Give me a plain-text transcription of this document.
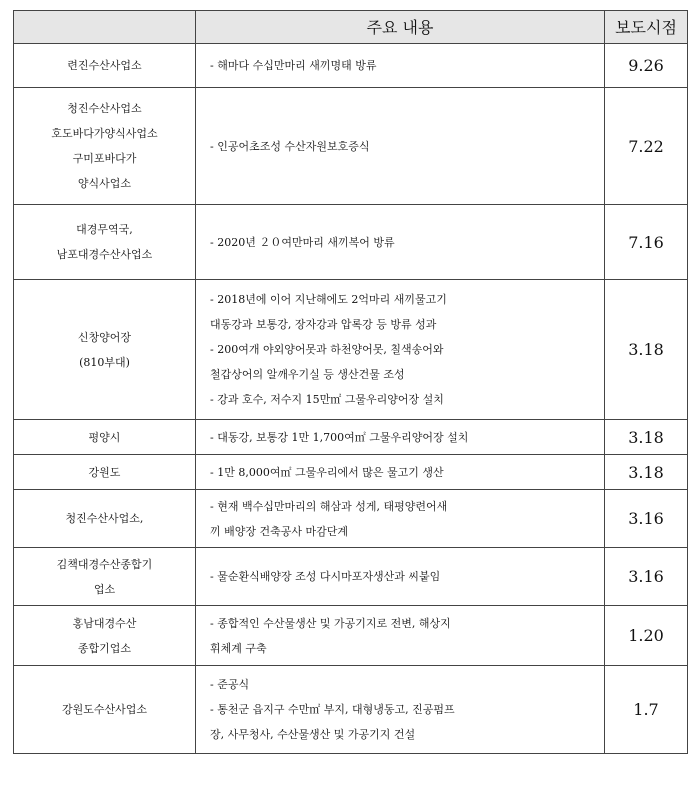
	주요 내용	보도시점

련진수산사업소	- 해마다 수십만마리 새끼명태 방류	9.26

청진수산사업소
호도바다가양식사업소
구미포바다가
양식사업소	- 인공어초조성 수산자원보호증식	7.22

대경무역국,
남포대경수산사업소	- 2020년 ２０여만마리 새끼복어 방류	7.16

신창양어장
(810부대)	- 2018년에 이어 지난해에도 2억마리 새끼물고기
대동강과 보통강, 장자강과 압록강 등 방류 성과
- 200여개 야외양어못과 하천양어못, 칠색송어와
철갑상어의 알깨우기실 등 생산건물 조성
- 강과 호수, 저수지 15만㎡ 그물우리양어장 설치	3.18

평양시	- 대동강, 보통강 1만 1,700여㎡ 그물우리양어장 설치	3.18

강원도	- 1만 8,000여㎡ 그물우리에서 많은 물고기 생산	3.18

청진수산사업소,	- 현재 백수십만마리의 해삼과 성게, 태평양련어새
끼 배양장 건축공사 마감단계	3.16

김책대경수산종합기
업소	- 물순환식배양장 조성 다시마포자생산과 씨붙임	3.16

홍남대경수산
종합기업소	- 종합적인 수산물생산 및 가공기지로 전변, 해상지
휘체계 구축	1.20

강원도수산사업소	- 준공식
- 통천군 읍지구 수만㎡ 부지, 대형냉동고, 진공펌프
장, 사무청사, 수산물생산 및 가공기지 건설	1.7
